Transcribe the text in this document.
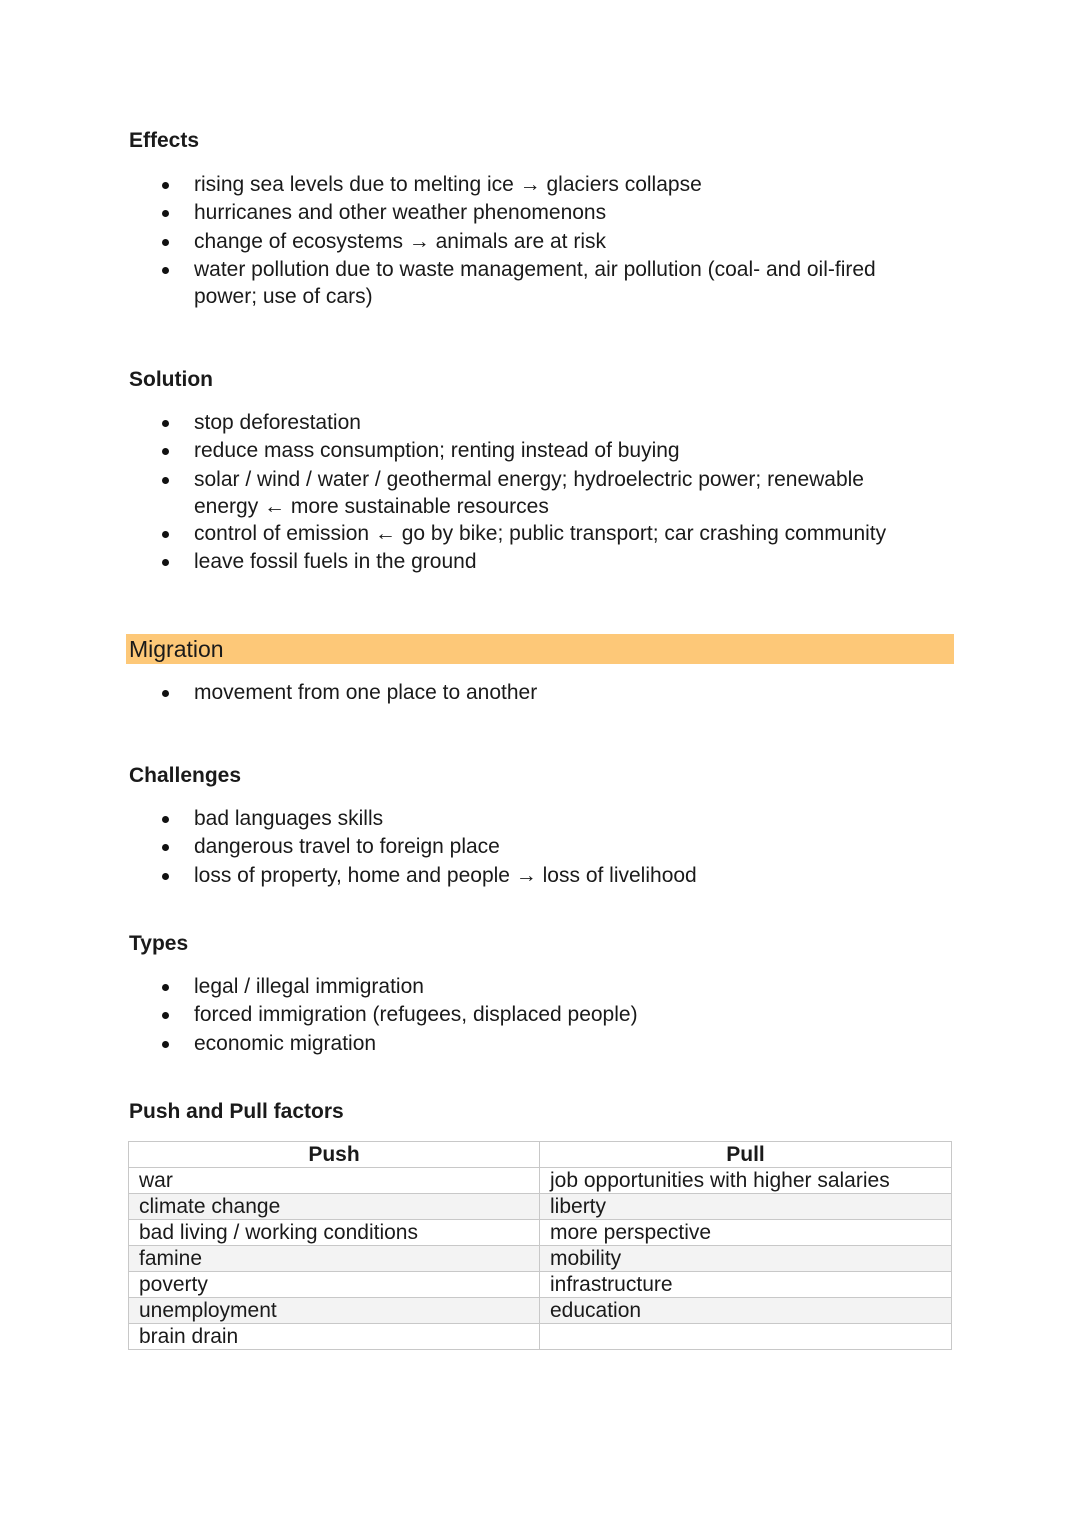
Effects
rising sea levels due to melting ice → glaciers collapse
hurricanes and other weather phenomenons
change of ecosystems → animals are at risk
water pollution due to waste management, air pollution (coal- and oil-fired power; use of cars)
Solution
stop deforestation
reduce mass consumption; renting instead of buying
solar / wind / water / geothermal energy; hydroelectric power; renewable energy ← more sustainable resources
control of emission ← go by bike; public transport; car crashing community
leave fossil fuels in the ground
Migration
movement from one place to another
Challenges
bad languages skills
dangerous travel to foreign place
loss of property, home and people → loss of livelihood
Types
legal / illegal immigration
forced immigration (refugees, displaced people)
economic migration
Push and Pull factors
Push	Pull
war	job opportunities with higher salaries
climate change	liberty
bad living / working conditions	more perspective
famine	mobility
poverty	infrastructure
unemployment	education
brain drain	
